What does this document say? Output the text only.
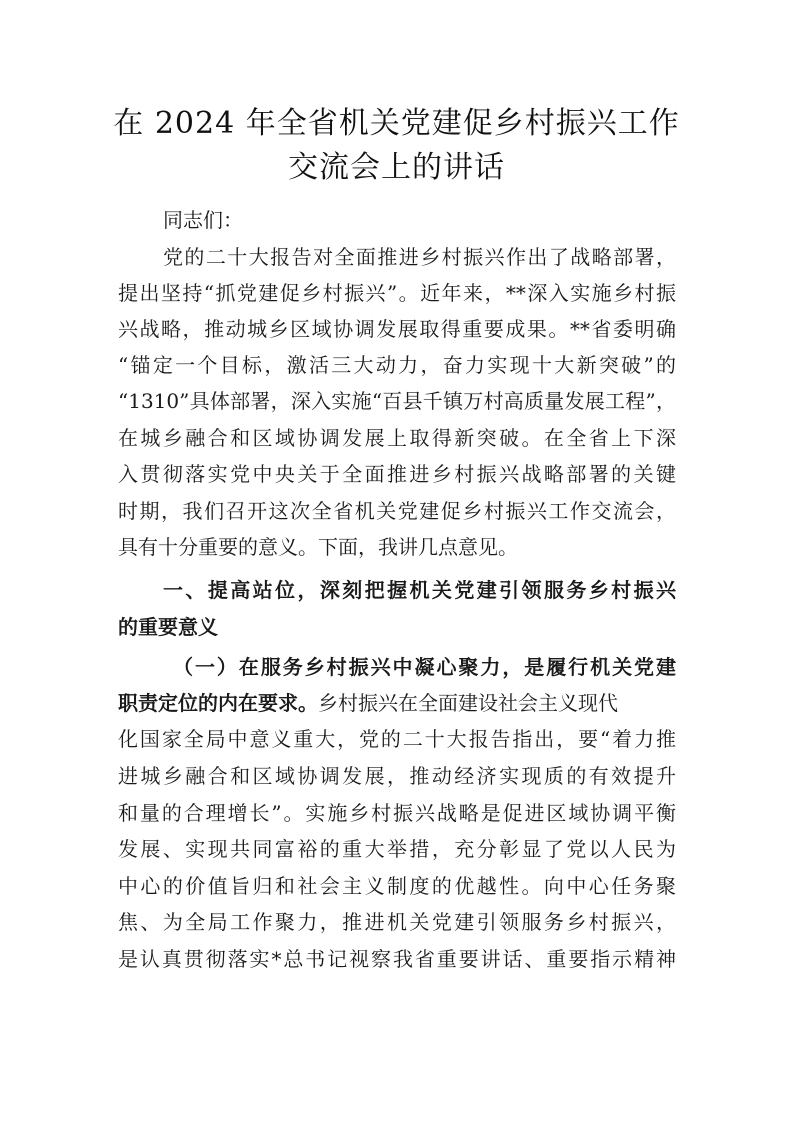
在 2024 年全省机关党建促乡村振兴工作
交流会上的讲话
同志们：
党的二十大报告对全面推进乡村振兴作出了战略部署，
提出坚持“抓党建促乡村振兴”。近年来，**深入实施乡村振
兴战略，推动城乡区域协调发展取得重要成果。**省委明确
“锚定一个目标，激活三大动力，奋力实现十大新突破”的
“1310”具体部署，深入实施“百县千镇万村高质量发展工程”，
在城乡融合和区域协调发展上取得新突破。在全省上下深
入贯彻落实党中央关于全面推进乡村振兴战略部署的关键
时期，我们召开这次全省机关党建促乡村振兴工作交流会，
具有十分重要的意义。下面，我讲几点意见。
一、提高站位，深刻把握机关党建引领服务乡村振兴
的重要意义
（一）在服务乡村振兴中凝心聚力，是履行机关党建
职责定位的内在要求。乡村振兴在全面建设社会主义现代
化国家全局中意义重大，党的二十大报告指出，要“着力推
进城乡融合和区域协调发展，推动经济实现质的有效提升
和量的合理增长”。实施乡村振兴战略是促进区域协调平衡
发展、实现共同富裕的重大举措，充分彰显了党以人民为
中心的价值旨归和社会主义制度的优越性。向中心任务聚
焦、为全局工作聚力，推进机关党建引领服务乡村振兴，
是认真贯彻落实*总书记视察我省重要讲话、重要指示精神
